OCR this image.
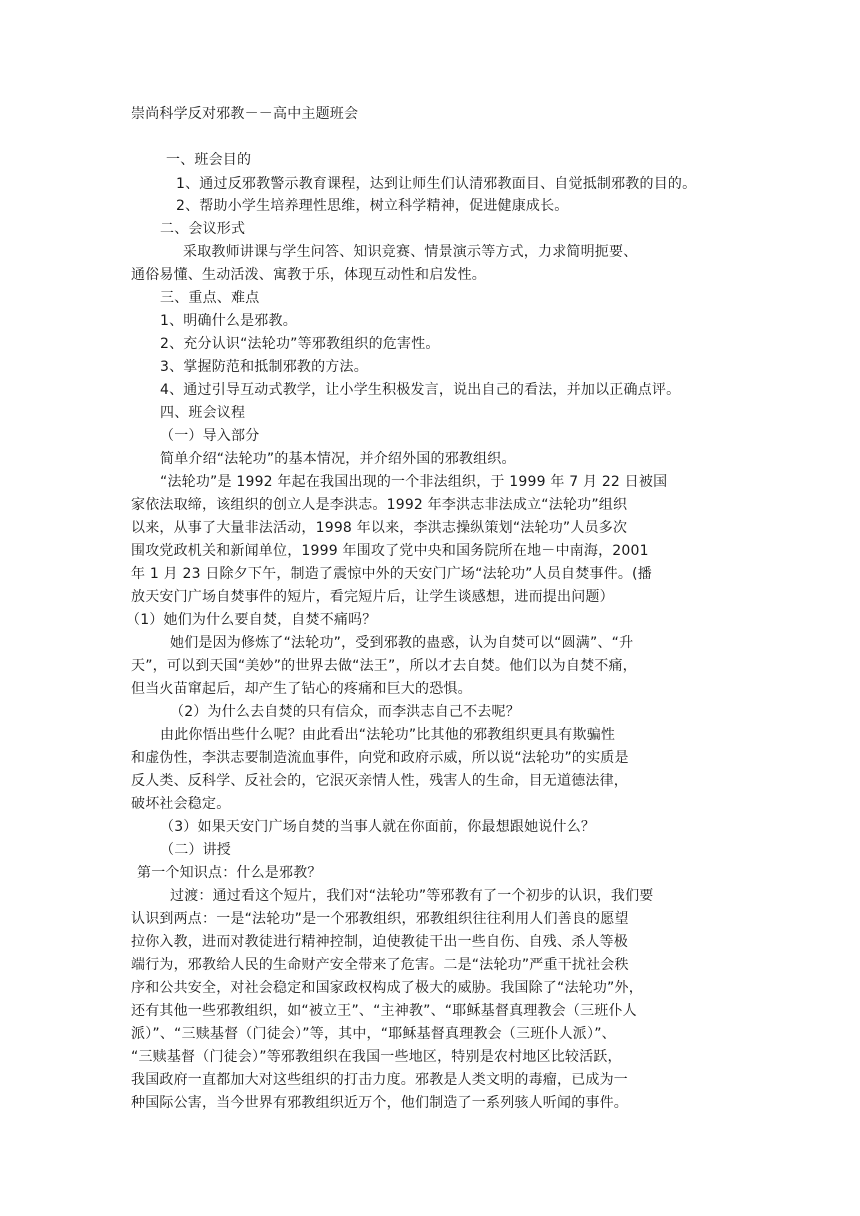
崇尚科学反对邪教－－高中主题班会
一、班会目的
1、通过反邪教警示教育课程，达到让师生们认清邪教面目、自觉抵制邪教的目的。
2、帮助小学生培养理性思维，树立科学精神，促进健康成长。
二、会议形式
采取教师讲课与学生问答、知识竞赛、情景演示等方式，力求简明扼要、
通俗易懂、生动活泼、寓教于乐，体现互动性和启发性。
三、重点、难点
1、明确什么是邪教。
2、充分认识“法轮功”等邪教组织的危害性。
3、掌握防范和抵制邪教的方法。
4、通过引导互动式教学，让小学生积极发言，说出自己的看法，并加以正确点评。
四、班会议程
（一）导入部分
简单介绍“法轮功”的基本情况，并介绍外国的邪教组织。
“法轮功”是 1992 年起在我国出现的一个非法组织，于 1999 年 7 月 22 日被国
家依法取缔，该组织的创立人是李洪志。1992 年李洪志非法成立“法轮功”组织
以来，从事了大量非法活动，1998 年以来，李洪志操纵策划“法轮功”人员多次
围攻党政机关和新闻单位，1999 年围攻了党中央和国务院所在地－中南海，2001
年 1 月 23 日除夕下午，制造了震惊中外的天安门广场“法轮功”人员自焚事件。(播
放天安门广场自焚事件的短片，看完短片后，让学生谈感想，进而提出问题）
（1）她们为什么要自焚，自焚不痛吗？
她们是因为修炼了“法轮功”，受到邪教的蛊惑，认为自焚可以“圆满”、“升
天”，可以到天国“美妙”的世界去做“法王”，所以才去自焚。他们以为自焚不痛，
但当火苗窜起后，却产生了钻心的疼痛和巨大的恐惧。
（2）为什么去自焚的只有信众，而李洪志自己不去呢？
由此你悟出些什么呢？由此看出“法轮功”比其他的邪教组织更具有欺骗性
和虚伪性，李洪志要制造流血事件，向党和政府示威，所以说“法轮功”的实质是
反人类、反科学、反社会的，它泯灭亲情人性，残害人的生命，目无道德法律，
破坏社会稳定。
（3）如果天安门广场自焚的当事人就在你面前，你最想跟她说什么？
（二）讲授
第一个知识点：什么是邪教？
过渡：通过看这个短片，我们对“法轮功”等邪教有了一个初步的认识，我们要
认识到两点：一是“法轮功”是一个邪教组织，邪教组织往往利用人们善良的愿望
拉你入教，进而对教徒进行精神控制，迫使教徒干出一些自伤、自残、杀人等极
端行为，邪教给人民的生命财产安全带来了危害。二是“法轮功”严重干扰社会秩
序和公共安全，对社会稳定和国家政权构成了极大的威胁。我国除了“法轮功”外，
还有其他一些邪教组织，如“被立王”、“主神教”、“耶稣基督真理教会（三班仆人
派）”、“三赎基督（门徒会）”等，其中，“耶稣基督真理教会（三班仆人派）”、
“三赎基督（门徒会）”等邪教组织在我国一些地区，特别是农村地区比较活跃，
我国政府一直都加大对这些组织的打击力度。邪教是人类文明的毒瘤，已成为一
种国际公害，当今世界有邪教组织近万个，他们制造了一系列骇人听闻的事件。
